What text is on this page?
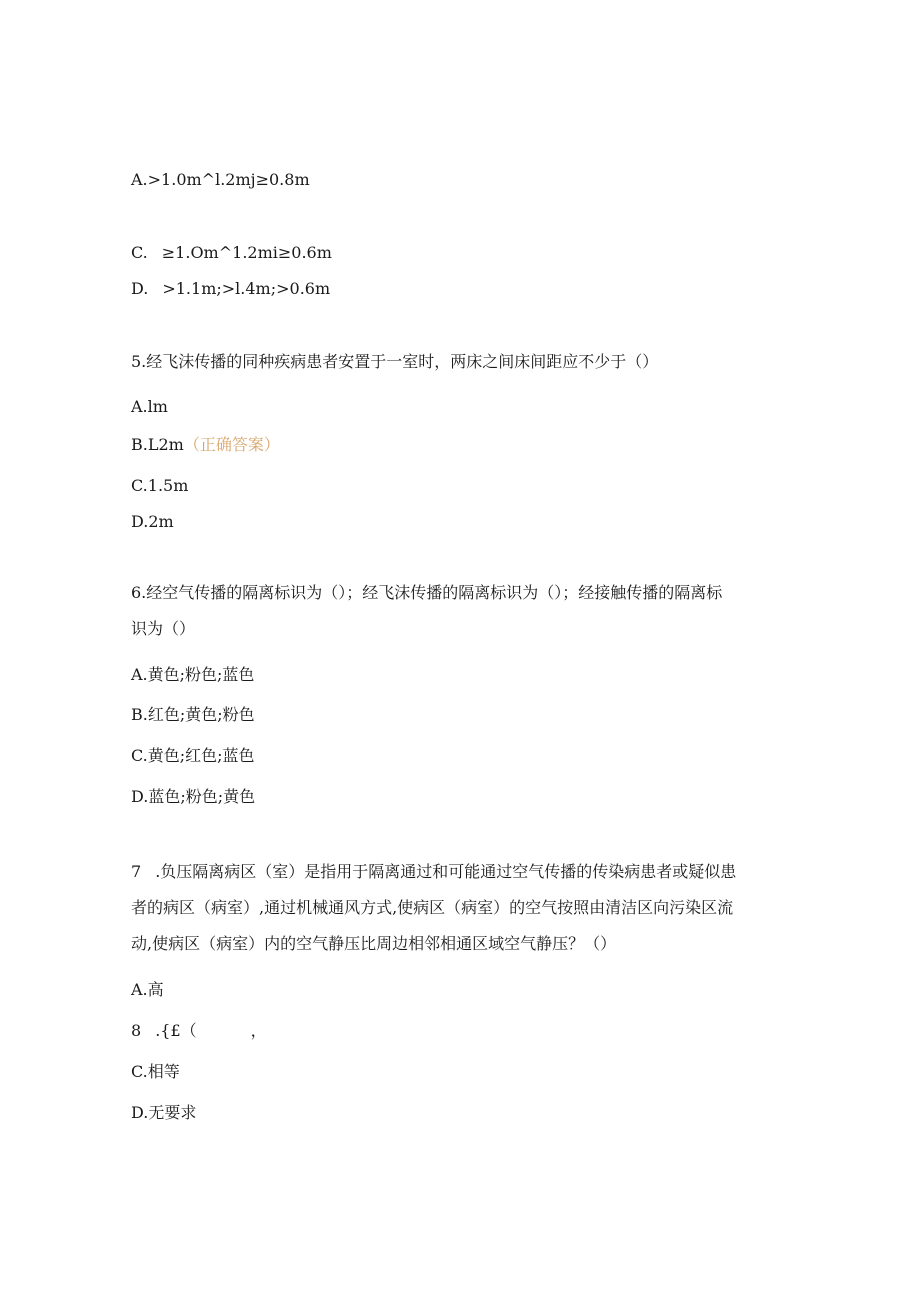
A.>1.0m^l.2mj≥0.8m
C. ≥1.Om^1.2mi≥0.6m
D. >1.1m;>l.4m;>0.6m
5.经飞沫传播的同种疾病患者安置于一室时，两床之间床间距应不少于（）
A.lm
B.L2m（正确答案）
C.1.5m
D.2m
6.经空气传播的隔离标识为（）；经飞沫传播的隔离标识为（）；经接触传播的隔离标
识为（）
A.黄色;粉色;蓝色
B.红色;黄色;粉色
C.黄色;红色;蓝色
D.蓝色;粉色;黄色
7 .负压隔离病区（室）是指用于隔离通过和可能通过空气传播的传染病患者或疑似患
者的病区（病室）,通过机械通风方式,使病区（病室）的空气按照由清洁区向污染区流
动,使病区（病室）内的空气静压比周边相邻相通区域空气静压？（）
A.高
8 .{£（	，
C.相等
D.无要求
